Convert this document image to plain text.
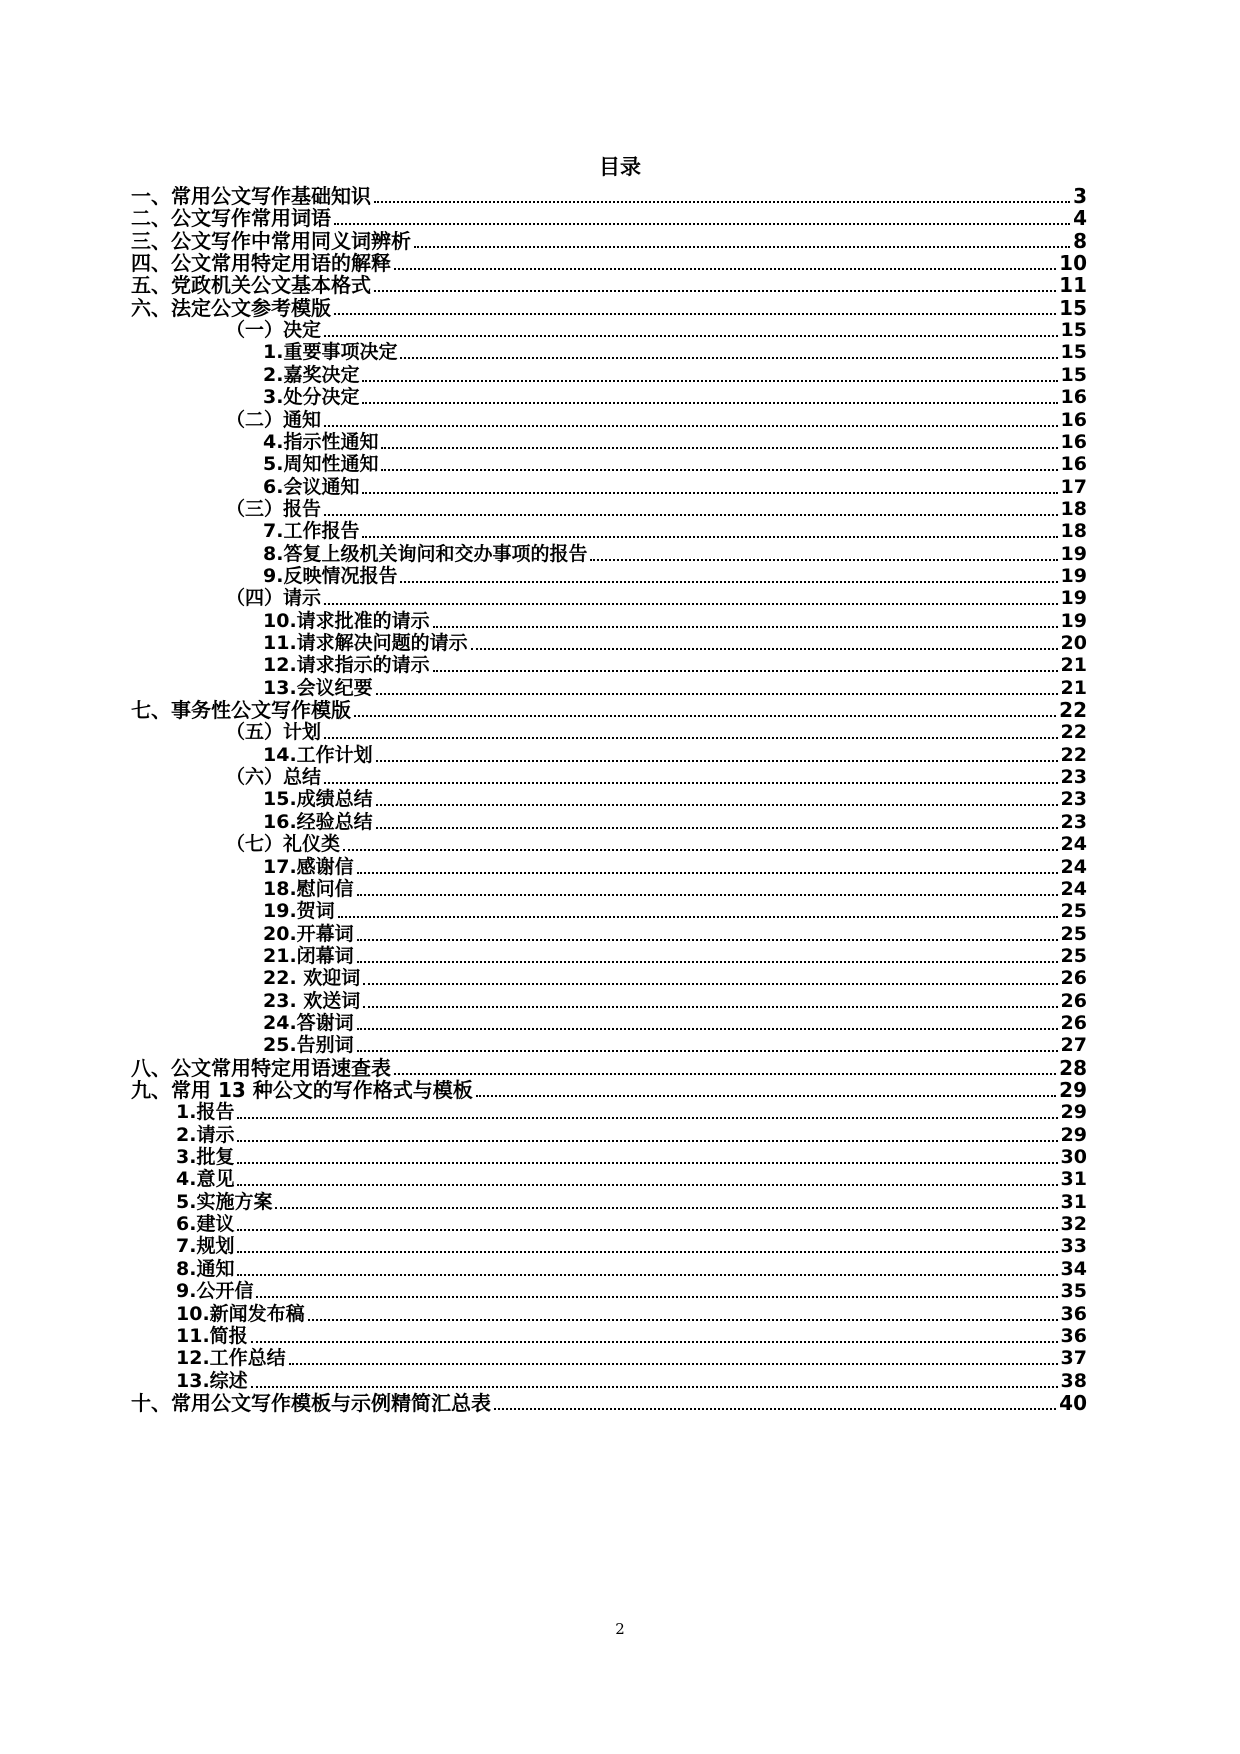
目录
一、常用公文写作基础知识	3
二、公文写作常用词语	4
三、公文写作中常用同义词辨析	8
四、公文常用特定用语的解释	10
五、党政机关公文基本格式	11
六、法定公文参考模版	15
（一）决定	15
1.重要事项决定	15
2.嘉奖决定	15
3.处分决定	16
（二）通知	16
4.指示性通知	16
5.周知性通知	16
6.会议通知	17
（三）报告	18
7.工作报告	18
8.答复上级机关询问和交办事项的报告	19
9.反映情况报告	19
（四）请示	19
10.请求批准的请示	19
11.请求解决问题的请示	20
12.请求指示的请示	21
13.会议纪要	21
七、事务性公文写作模版	22
（五）计划	22
14.工作计划	22
（六）总结	23
15.成绩总结	23
16.经验总结	23
（七）礼仪类	24
17.感谢信	24
18.慰问信	24
19.贺词	25
20.开幕词	25
21.闭幕词	25
22. 欢迎词	26
23. 欢送词	26
24.答谢词	26
25.告别词	27
八、公文常用特定用语速查表	28
九、常用 13 种公文的写作格式与模板	29
1.报告	29
2.请示	29
3.批复	30
4.意见	31
5.实施方案	31
6.建议	32
7.规划	33
8.通知	34
9.公开信	35
10.新闻发布稿	36
11.简报	36
12.工作总结	37
13.综述	38
十、常用公文写作模板与示例精简汇总表	40
2
